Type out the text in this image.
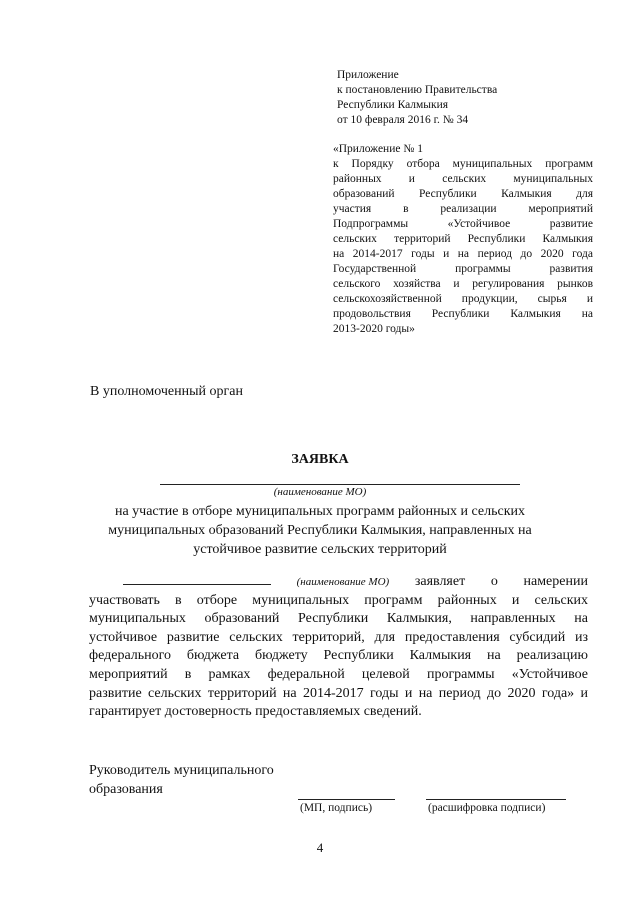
Приложение
к постановлению Правительства
Республики Калмыкия
от 10 февраля 2016 г. № 34
«Приложение № 1
к Порядку отбора муниципальных программ
районных и сельских муниципальных
образований Республики Калмыкия для
участия в реализации мероприятий
Подпрограммы «Устойчивое развитие
сельских территорий Республики Калмыкия
на 2014-2017 годы и на период до 2020 года
Государственной программы развития
сельского хозяйства и регулирования рынков
сельскохозяйственной продукции, сырья и
продовольствия Республики Калмыкия на
2013-2020 годы»
В уполномоченный орган
ЗАЯВКА
(наименование МО)
на участие в отборе муниципальных программ районных и сельских
муниципальных образований Республики Калмыкия, направленных на
устойчивое развитие сельских территорий
(наименование МО) заявляет о намерении
участвовать в отборе муниципальных программ районных и сельских
муниципальных образований Республики Калмыкия, направленных на
устойчивое развитие сельских территорий, для предоставления субсидий из
федерального бюджета бюджету Республики Калмыкия на реализацию
мероприятий в рамках федеральной целевой программы «Устойчивое
развитие сельских территорий на 2014-2017 годы и на период до 2020 года» и
гарантирует достоверность предоставляемых сведений.
Руководитель муниципального
образования
(МП, подпись)	(расшифровка подписи)
4
